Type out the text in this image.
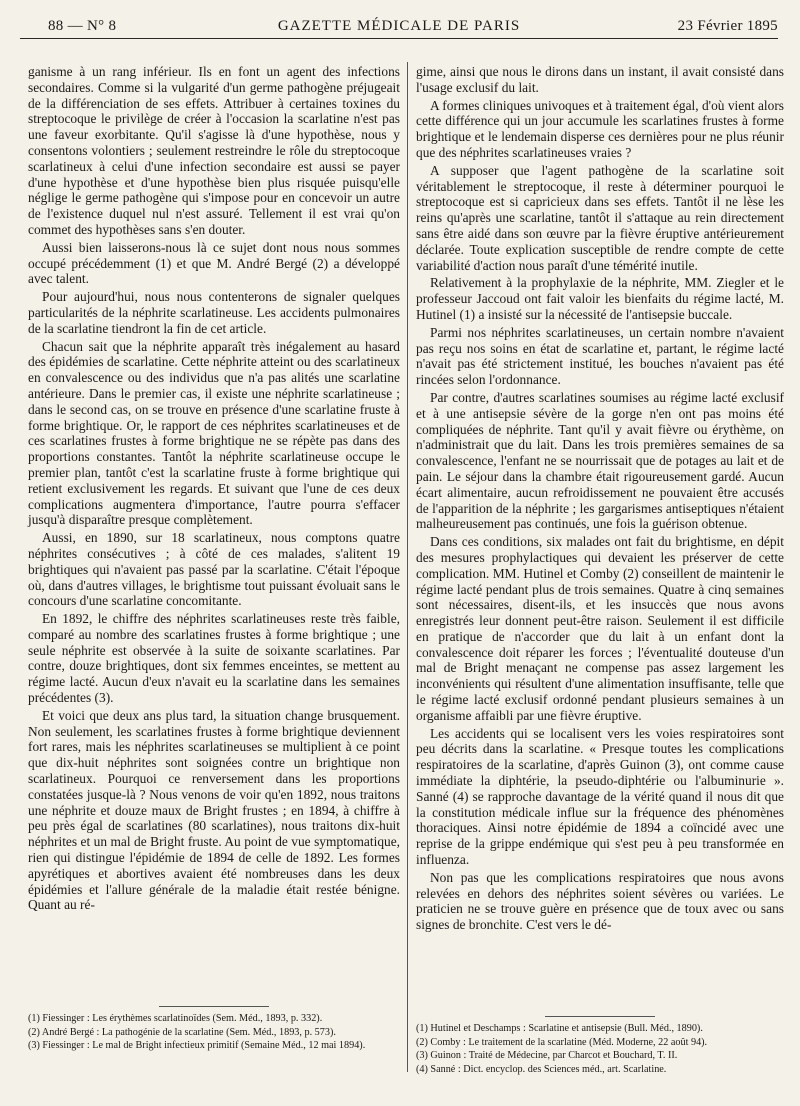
88 — N° 8	GAZETTE MÉDICALE DE PARIS	23 Février 1895

ganisme à un rang inférieur. Ils en font un agent des infections secondaires. Comme si la vulgarité d'un germe pathogène préjugeait de la différenciation de ses effets. Attribuer à certaines toxines du streptocoque le privilège de créer à l'occasion la scarlatine n'est pas une faveur exorbitante. Qu'il s'agisse là d'une hypothèse, nous y consentons volontiers ; seulement restreindre le rôle du streptocoque scarlatineux à celui d'une infection secondaire est aussi se payer d'une hypothèse et d'une hypothèse bien plus risquée puisqu'elle néglige le germe pathogène qui s'impose pour en concevoir un autre de l'existence duquel nul n'est assuré. Tellement il est vrai qu'on commet des hypothèses sans s'en douter.

Aussi bien laisserons-nous là ce sujet dont nous nous sommes occupé précédemment (1) et que M. André Bergé (2) a développé avec talent.

Pour aujourd'hui, nous nous contenterons de signaler quelques particularités de la néphrite scarlatineuse. Les accidents pulmonaires de la scarlatine tiendront la fin de cet article.

Chacun sait que la néphrite apparaît très inégalement au hasard des épidémies de scarlatine. Cette néphrite atteint ou des scarlatineux en convalescence ou des individus que n'a pas alités une scarlatine antérieure. Dans le premier cas, il existe une néphrite scarlatineuse ; dans le second cas, on se trouve en présence d'une scarlatine fruste à forme brightique. Or, le rapport de ces néphrites scarlatineuses et de ces scarlatines frustes à forme brightique ne se répète pas dans des proportions constantes. Tantôt la néphrite scarlatineuse occupe le premier plan, tantôt c'est la scarlatine fruste à forme brightique qui retient exclusivement les regards. Et suivant que l'une de ces deux complications augmentera d'importance, l'autre pourra s'effacer jusqu'à disparaître presque complètement.

Aussi, en 1890, sur 18 scarlatineux, nous comptons quatre néphrites consécutives ; à côté de ces malades, s'alitent 19 brightiques qui n'avaient pas passé par la scarlatine. C'était l'époque où, dans d'autres villages, le brightisme tout puissant évoluait sans le concours d'une scarlatine concomitante.

En 1892, le chiffre des néphrites scarlatineuses reste très faible, comparé au nombre des scarlatines frustes à forme brightique ; une seule néphrite est observée à la suite de soixante scarlatines. Par contre, douze brightiques, dont six femmes enceintes, se mettent au régime lacté. Aucun d'eux n'avait eu la scarlatine dans les semaines précédentes (3).

Et voici que deux ans plus tard, la situation change brusquement. Non seulement, les scarlatines frustes à forme brightique deviennent fort rares, mais les néphrites scarlatineuses se multiplient à ce point que dix-huit néphrites sont soignées contre un brightique non scarlatineux. Pourquoi ce renversement dans les proportions constatées jusque-là ? Nous venons de voir qu'en 1892, nous traitons une néphrite et douze maux de Bright frustes ; en 1894, à chiffre à peu près égal de scarlatines (80 scarlatines), nous traitons dix-huit néphrites et un mal de Bright fruste. Au point de vue symptomatique, rien qui distingue l'épidémie de 1894 de celle de 1892. Les formes apyrétiques et abortives avaient été nombreuses dans les deux épidémies et l'allure générale de la maladie était restée bénigne. Quant au ré-

gime, ainsi que nous le dirons dans un instant, il avait consisté dans l'usage exclusif du lait.

A formes cliniques univoques et à traitement égal, d'où vient alors cette différence qui un jour accumule les scarlatines frustes à forme brightique et le lendemain disperse ces dernières pour ne plus réunir que des néphrites scarlatineuses vraies ?

A supposer que l'agent pathogène de la scarlatine soit véritablement le streptocoque, il reste à déterminer pourquoi le streptocoque est si capricieux dans ses effets. Tantôt il ne lèse les reins qu'après une scarlatine, tantôt il s'attaque au rein directement sans être aidé dans son œuvre par la fièvre éruptive antérieurement déclarée. Toute explication susceptible de rendre compte de cette variabilité d'action nous paraît d'une témérité inutile.

Relativement à la prophylaxie de la néphrite, MM. Ziegler et le professeur Jaccoud ont fait valoir les bienfaits du régime lacté, M. Hutinel (1) a insisté sur la nécessité de l'antisepsie buccale.

Parmi nos néphrites scarlatineuses, un certain nombre n'avaient pas reçu nos soins en état de scarlatine et, partant, le régime lacté n'avait pas été strictement institué, les bouches n'avaient pas été rincées selon l'ordonnance.

Par contre, d'autres scarlatines soumises au régime lacté exclusif et à une antisepsie sévère de la gorge n'en ont pas moins été compliquées de néphrite. Tant qu'il y avait fièvre ou érythème, on n'administrait que du lait. Dans les trois premières semaines de sa convalescence, l'enfant ne se nourrissait que de potages au lait et de pain. Le séjour dans la chambre était rigoureusement gardé. Aucun écart alimentaire, aucun refroidissement ne pouvaient être accusés de l'apparition de la néphrite ; les gargarismes antiseptiques n'étaient malheureusement pas continués, une fois la guérison obtenue.

Dans ces conditions, six malades ont fait du brightisme, en dépit des mesures prophylactiques qui devaient les préserver de cette complication. MM. Hutinel et Comby (2) conseillent de maintenir le régime lacté pendant plus de trois semaines. Quatre à cinq semaines sont nécessaires, disent-ils, et les insuccès que nous avons enregistrés leur donnent peut-être raison. Seulement il est difficile en pratique de n'accorder que du lait à un enfant dont la convalescence doit réparer les forces ; l'éventualité douteuse d'un mal de Bright menaçant ne compense pas assez largement les inconvénients qui résultent d'une alimentation insuffisante, telle que le régime lacté exclusif ordonné pendant plusieurs semaines à un organisme affaibli par une fièvre éruptive.

Les accidents qui se localisent vers les voies respiratoires sont peu décrits dans la scarlatine. « Presque toutes les complications respiratoires de la scarlatine, d'après Guinon (3), ont comme cause immédiate la diphtérie, la pseudo-diphtérie ou l'albuminurie ». Sanné (4) se rapproche davantage de la vérité quand il nous dit que la constitution médicale influe sur la fréquence des phénomènes thoraciques. Ainsi notre épidémie de 1894 a coïncidé avec une reprise de la grippe endémique qui s'est peu à peu transformée en influenza.

Non pas que les complications respiratoires que nous avons relevées en dehors des néphrites soient sévères ou variées. Le praticien ne se trouve guère en présence que de toux avec ou sans signes de bronchite. C'est vers le dé-

(1) Fiessinger : Les érythèmes scarlatinoïdes (Sem. Méd., 1893, p. 332).

(2) André Bergé : La pathogénie de la scarlatine (Sem. Méd., 1893, p. 573).

(3) Fiessinger : Le mal de Bright infectieux primitif (Semaine Méd., 12 mai 1894).

(1) Hutinel et Deschamps : Scarlatine et antisepsie (Bull. Méd., 1890).

(2) Comby : Le traitement de la scarlatine (Méd. Moderne, 22 août 94).

(3) Guinon : Traité de Médecine, par Charcot et Bouchard, T. II.

(4) Sanné : Dict. encyclop. des Sciences méd., art. Scarlatine.
